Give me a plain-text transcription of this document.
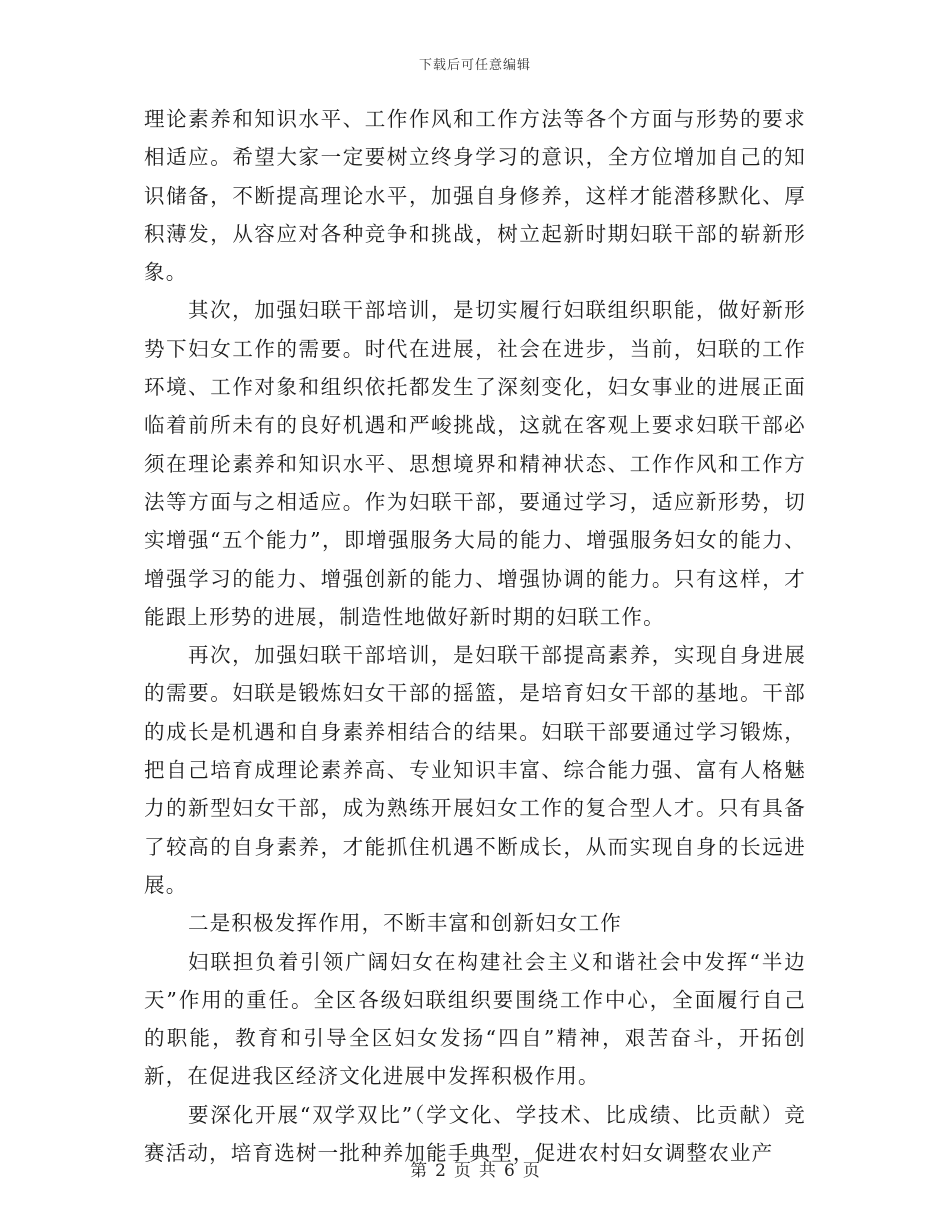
下载后可任意编辑

理论素养和知识水平、工作作风和工作方法等各个方面与形势的要求相适应。希望大家一定要树立终身学习的意识，全方位增加自己的知识储备，不断提高理论水平，加强自身修养，这样才能潜移默化、厚积薄发，从容应对各种竞争和挑战，树立起新时期妇联干部的崭新形象。

其次，加强妇联干部培训，是切实履行妇联组织职能，做好新形势下妇女工作的需要。时代在进展，社会在进步，当前，妇联的工作环境、工作对象和组织依托都发生了深刻变化，妇女事业的进展正面临着前所未有的良好机遇和严峻挑战，这就在客观上要求妇联干部必须在理论素养和知识水平、思想境界和精神状态、工作作风和工作方法等方面与之相适应。作为妇联干部，要通过学习，适应新形势，切实增强“五个能力”，即增强服务大局的能力、增强服务妇女的能力、增强学习的能力、增强创新的能力、增强协调的能力。只有这样，才能跟上形势的进展，制造性地做好新时期的妇联工作。

再次，加强妇联干部培训，是妇联干部提高素养，实现自身进展的需要。妇联是锻炼妇女干部的摇篮，是培育妇女干部的基地。干部的成长是机遇和自身素养相结合的结果。妇联干部要通过学习锻炼，把自己培育成理论素养高、专业知识丰富、综合能力强、富有人格魅力的新型妇女干部，成为熟练开展妇女工作的复合型人才。只有具备了较高的自身素养，才能抓住机遇不断成长，从而实现自身的长远进展。

二是积极发挥作用，不断丰富和创新妇女工作

妇联担负着引领广阔妇女在构建社会主义和谐社会中发挥“半边天”作用的重任。全区各级妇联组织要围绕工作中心，全面履行自己的职能，教育和引导全区妇女发扬“四自”精神，艰苦奋斗，开拓创新，在促进我区经济文化进展中发挥积极作用。

要深化开展“双学双比”（学文化、学技术、比成绩、比贡献）竞赛活动，培育选树一批种养加能手典型，促进农村妇女调整农业产

第 2 页 共 6 页
